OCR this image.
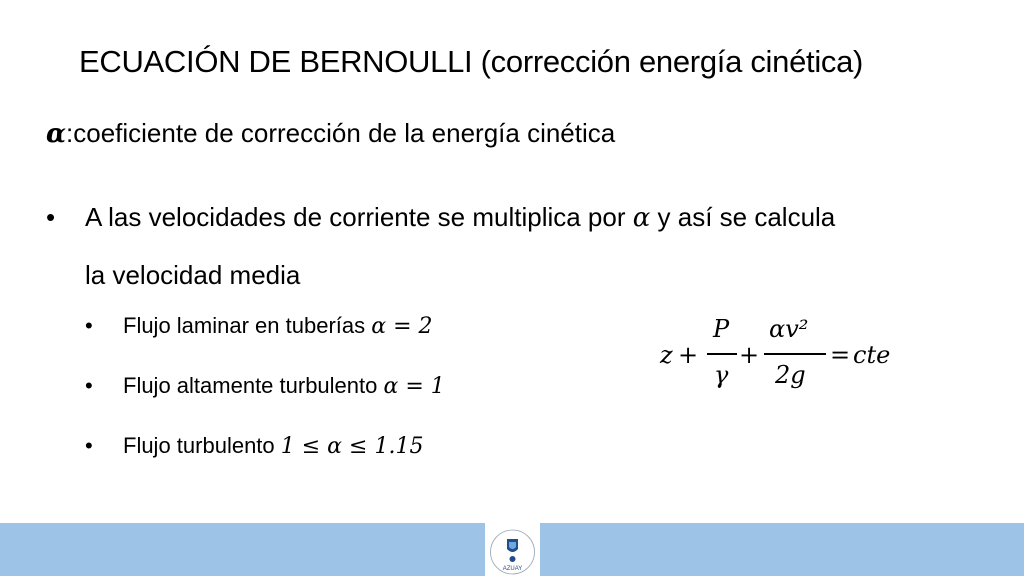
ECUACIÓN DE BERNOULLI (corrección energía cinética)
𝜶:coeficiente de corrección de la energía cinética
• A las velocidades de corriente se multiplica por 𝛼 y así se calcula
la velocidad media
• Flujo laminar en tuberías 𝛼 = 2
• Flujo altamente turbulento 𝛼 = 1
• Flujo turbulento 1 ≤ 𝛼 ≤ 1.15
𝑧 +
𝑃
𝛾
+
𝛼𝑣²
2𝑔
= 𝑐𝑡𝑒
AZUAY
